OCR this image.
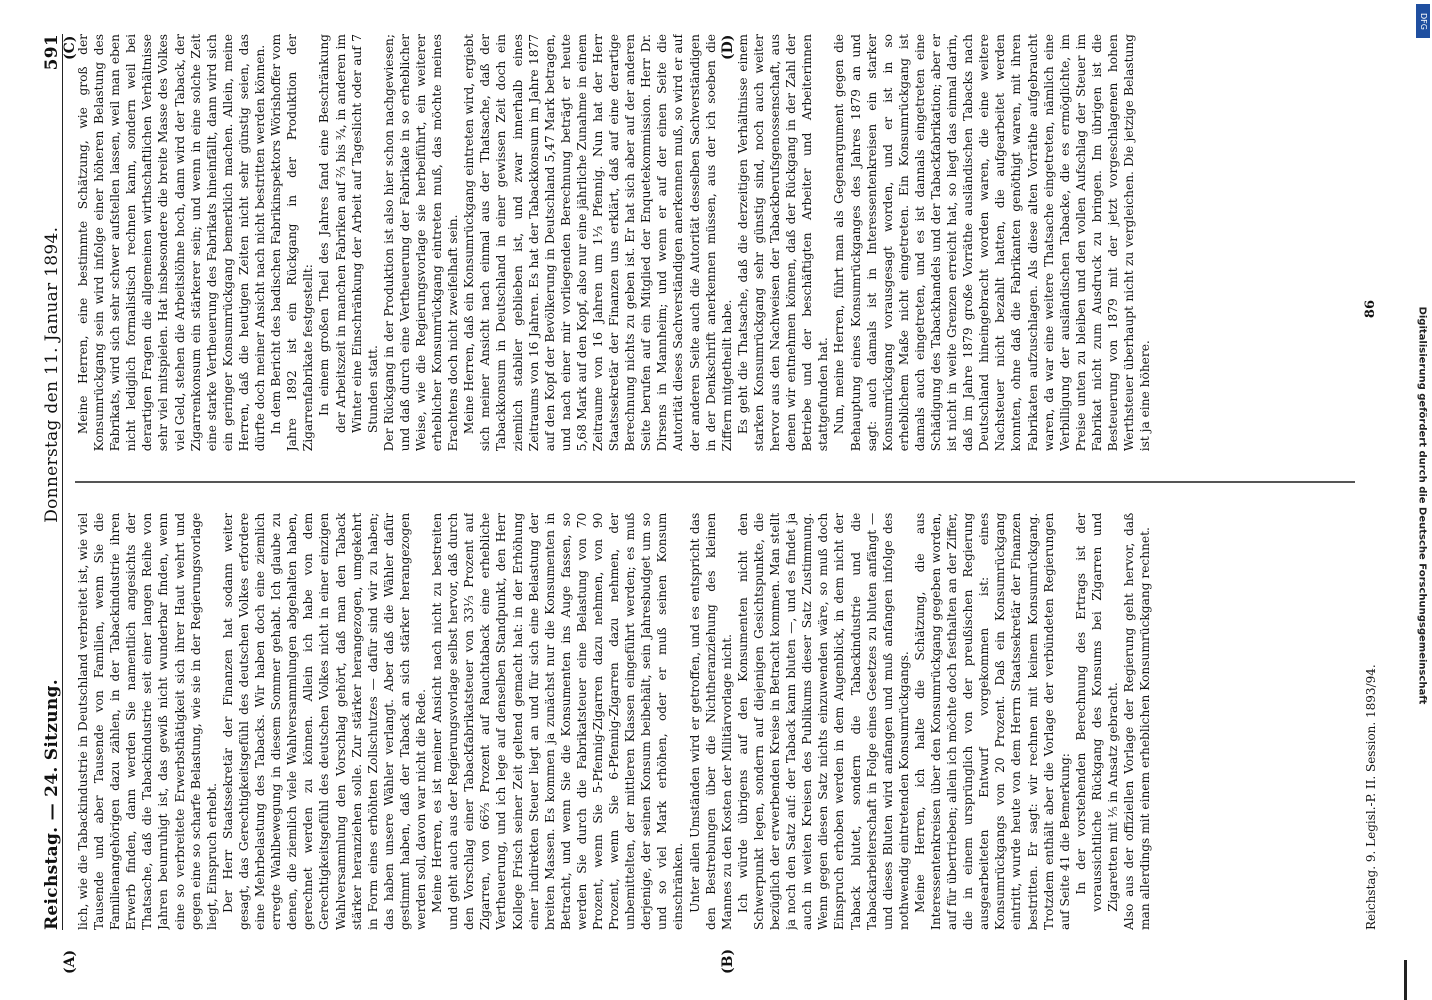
Reichstag. — 24. Sitzung.
Donnerstag den 11. Januar 1894.
591
(A)	(B)
(C)	(D)

lich, wie die Tabackindustrie in Deutschland verbreitet ist, wie viel Tausende und aber Tausende von Familien, wenn Sie die Familienangehörigen dazu zählen, in der Tabackindustrie ihren Erwerb finden, dann werden Sie namentlich angesichts der Thatsache, daß die Tabackindustrie seit einer langen Reihe von Jahren beunruhigt ist, das gewiß nicht wunderbar finden, wenn eine so verbreitete Erwerbsthätigkeit sich ihrer Haut wehrt und gegen eine so scharfe Belastung, wie sie in der Regierungsvorlage liegt, Einspruch erhebt. Der Herr Staatssekretär der Finanzen hat sodann weiter gesagt, das Gerechtigkeitsgefühl des deutschen Volkes erfordere eine Mehrbelastung des Tabacks. Wir haben doch eine ziemlich erregte Wahlbewegung in diesem Sommer gehabt. Ich glaube zu denen, die ziemlich viele Wahlversammlungen abgehalten haben, gerechnet werden zu können. Allein ich habe von dem Gerechtigkeitsgefühl des deutschen Volkes nicht in einer einzigen Wahlversammlung den Vorschlag gehört, daß man den Taback stärker heranziehen solle. Zur stärker herangezogen, umgekehrt in Form eines erhöhten Zollschutzes — dafür sind wir zu haben; das haben unsere Wähler verlangt. Aber daß die Wähler dafür gestimmt haben, daß der Taback an sich stärker herangezogen werden soll, davon war nicht die Rede. Meine Herren, es ist meiner Ansicht nach nicht zu bestreiten und geht auch aus der Regierungsvorlage selbst hervor, daß durch den Vorschlag einer Tabackfabrikatsteuer von 33⅓ Prozent auf Zigarren, von 66⅔ Prozent auf Rauchtaback eine erhebliche Vertheuerung, und ich lege auf denselben Standpunkt, den Herr Kollege Frisch seiner Zeit geltend gemacht hat: in der Erhöhung einer indirekten Steuer liegt an und für sich eine Belastung der breiten Massen. Es kommen ja zunächst nur die Konsumenten in Betracht, und wenn Sie die Konsumenten ins Auge fassen, so werden Sie durch die Fabrikatsteuer eine Belastung von 70 Prozent, wenn Sie 5-Pfennig-Zigarren dazu nehmen, von 90 Prozent, wenn Sie 6-Pfennig-Zigarren dazu nehmen, der unbemittelten, der mittleren Klassen eingeführt werden; es muß derjenige, der seinen Konsum beibehält, sein Jahresbudget um so und so viel Mark erhöhen, oder er muß seinen Konsum einschränken. Unter allen Umständen wird er getroffen, und es entspricht das den Bestrebungen über die Nichtheranziehung des kleinen Mannes zu den Kosten der Militärvorlage nicht. Ich würde übrigens auf den Konsumenten nicht den Schwerpunkt legen, sondern auf diejenigen Gesichtspunkte, die bezüglich der erwerbenden Kreise in Betracht kommen. Man stellt ja noch den Satz auf: der Taback kann bluten —, und es findet ja auch in weiten Kreisen des Publikums dieser Satz Zustimmung. Wenn gegen diesen Satz nichts einzuwenden wäre, so muß doch Einspruch erhoben werden in dem Augenblick, in dem nicht der Taback blutet, sondern die Tabackindustrie und die Tabackarbeiterschaft in Folge eines Gesetzes zu bluten anfängt — und dieses Bluten wird anfangen und muß anfangen infolge des nothwendig eintretenden Konsumrückgangs. Meine Herren, ich halte die Schätzung, die aus Interessentenkreisen über den Konsumrückgang gegeben worden, auf für übertrieben; allein ich möchte doch festhalten an der Ziffer, die in einem ursprünglich von der preußischen Regierung ausgearbeiteten Entwurf vorgekommen ist: eines Konsumrückgangs von 20 Prozent. Daß ein Konsumrückgang eintritt, wurde heute von dem Herrn Staatssekretär der Finanzen bestritten. Er sagt: wir rechnen mit keinem Konsumrückgang. Trotzdem enthält aber die Vorlage der verbündeten Regierungen auf Seite 41 die Bemerkung: In der vorstehenden Berechnung des Ertrags ist der voraussichtliche Rückgang des Konsums bei Zigarren und Zigaretten mit ⅕ in Ansatz gebracht. Also aus der offiziellen Vorlage der Regierung geht hervor, daß man allerdings mit einem erheblichen Konsumrückgang rechnet.

Meine Herren, eine bestimmte Schätzung, wie groß der Konsumrückgang sein wird infolge einer höheren Belastung des Fabrikats, wird sich sehr schwer aufstellen lassen, weil man eben nicht lediglich formalistisch rechnen kann, sondern weil bei derartigen Fragen die allgemeinen wirthschaftlichen Verhältnisse sehr viel mitspielen. Hat insbesondere die breite Masse des Volkes viel Geld, stehen die Arbeitslöhne hoch, dann wird der Taback, der Zigarrenkonsum ein stärkerer sein; und wenn in eine solche Zeit eine starke Vertheuerung des Fabrikats hineinfällt, dann wird sich ein geringer Konsumrückgang bemerklich machen. Allein, meine Herren, daß die heutigen Zeiten nicht sehr günstig seien, das dürfte doch meiner Ansicht nach nicht bestritten werden können. In dem Bericht des badischen Fabrikinspektors Wörishoffer vom Jahre 1892 ist ein Rückgang in der Produktion der Zigarrenfabrikate festgestellt: In einem großen Theil des Jahres fand eine Beschränkung der Arbeitszeit in manchen Fabriken auf ⅔ bis ¾, in anderen im Winter eine Einschränkung der Arbeit auf Tageslicht oder auf 7 Stunden statt. Der Rückgang in der Produktion ist also hier schon nachgewiesen; und daß durch eine Vertheuerung der Fabrikate in so erheblicher Weise, wie die Regierungsvorlage sie herbeiführt, ein weiterer erheblicher Konsumrückgang eintreten muß, das möchte meines Erachtens doch nicht zweifelhaft sein. Meine Herren, daß ein Konsumrückgang eintreten wird, ergiebt sich meiner Ansicht nach einmal aus der Thatsache, daß der Tabackkonsum in Deutschland in einer gewissen Zeit doch ein ziemlich stabiler geblieben ist, und zwar innerhalb eines Zeitraums von 16 Jahren. Es hat der Tabackkonsum im Jahre 1877 auf den Kopf der Bevölkerung in Deutschland 5,47 Mark betragen, und nach einer mir vorliegenden Berechnung beträgt er heute 5,68 Mark auf den Kopf, also nur eine jährliche Zunahme in einem Zeitraume von 16 Jahren um 1⅓ Pfennig. Nun hat der Herr Staatssekretär der Finanzen uns erklärt, daß auf eine derartige Berechnung nichts zu geben ist. Er hat sich aber auf der anderen Seite berufen auf ein Mitglied der Enquetekommission. Herr Dr. Dirsens in Mannheim; und wenn er auf der einen Seite die Autorität dieses Sachverständigen anerkennen muß, so wird er auf der anderen Seite auch die Autorität desselben Sachverständigen in der Denkschrift anerkennen müssen, aus der ich soeben die Ziffern mitgetheilt habe. Es geht die Thatsache, daß die derzeitigen Verhältnisse einem starken Konsumrückgang sehr günstig sind, noch auch weiter hervor aus den Nachweisen der Tabackberufsgenossenschaft, aus denen wir entnehmen können, daß der Rückgang in der Zahl der Betriebe und der beschäftigten Arbeiter und Arbeiterinnen stattgefunden hat. Nun, meine Herren, führt man als Gegenargument gegen die Behauptung eines Konsumrückganges des Jahres 1879 an und sagt: auch damals ist in Interessentenkreisen ein starker Konsumrückgang vorausgesagt worden, und er ist in so erheblichem Maße nicht eingetreten. Ein Konsumrückgang ist damals auch eingetreten, und es ist dannals eingetreten eine Schädigung des Tabackhandels und der Tabackfabrikation; aber er ist nicht in weite Grenzen erreicht hat, so liegt das einmal darin, daß im Jahre 1879 große Vorräthe ausländischen Tabacks nach Deutschland hineingebracht worden waren, die eine weitere Nachsteuer nicht bezahlt hatten, die aufgearbeitet werden konnten, ohne daß die Fabrikanten genöthigt waren, mit ihren Fabrikaten aufzuschlagen. Als diese alten Vorräthe aufgebraucht waren, da war eine weitere Thatsache eingetreten, nämlich eine Verbilligung der ausländischen Tabacke, die es ermöglichte, im Preise unten zu bleiben und den vollen Aufschlag der Steuer im Fabrikat nicht zum Ausdruck zu bringen. Im übrigen ist die Besteuerung von 1879 mit der jetzt vorgeschlagenen hohen Werthsteuer überhaupt nicht zu vergleichen. Die jetzige Belastung ist ja eine höhere.

Reichstag. 9. Legisl.-P. II. Session. 1893/94.
86	Digitalisierung gefördert durch die Deutsche Forschungsgemeinschaft
DFG
